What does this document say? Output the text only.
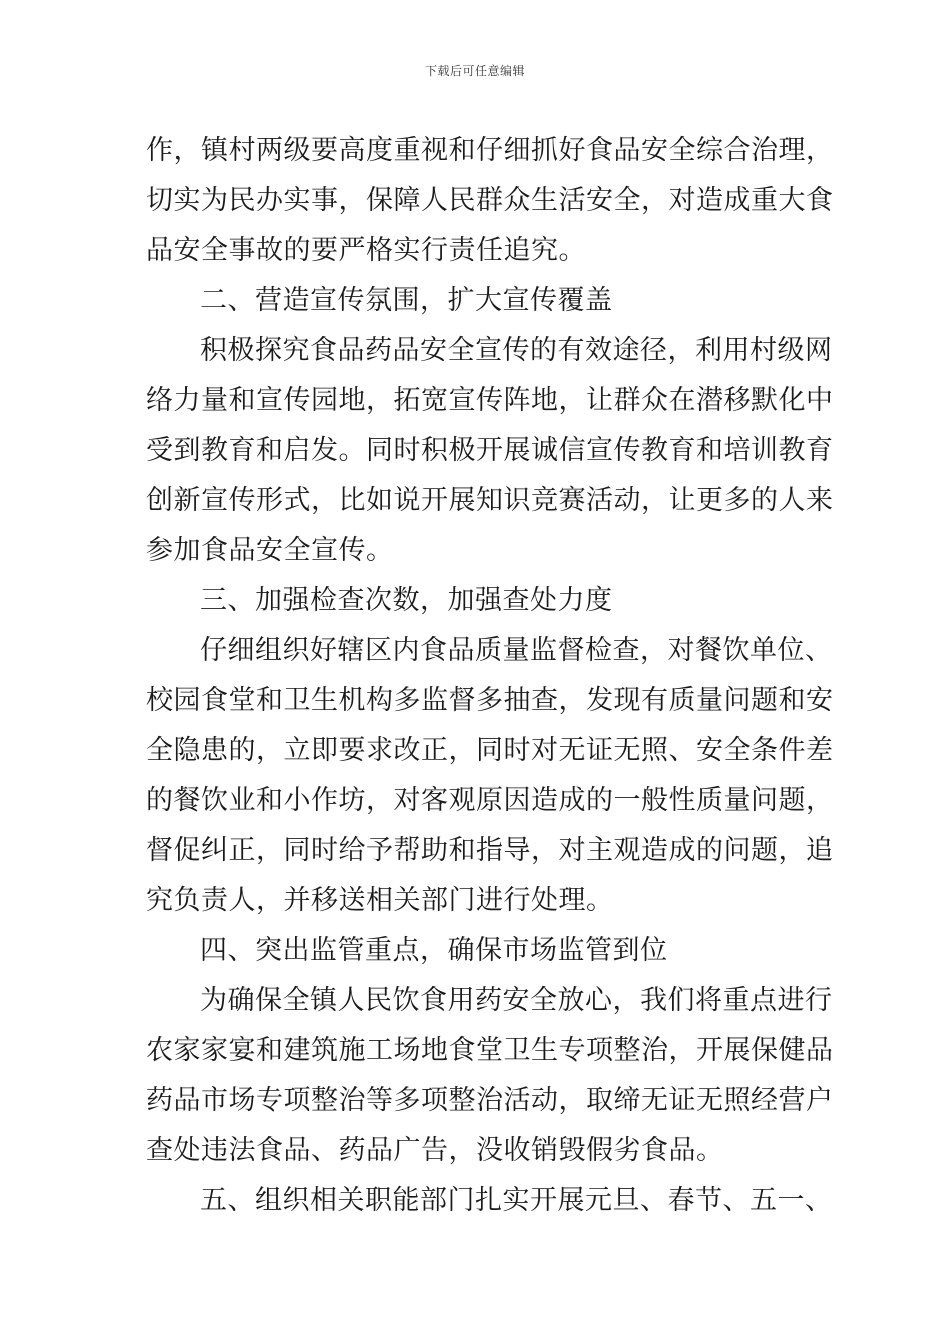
下载后可任意编辑
作，镇村两级要高度重视和仔细抓好食品安全综合治理，
切实为民办实事，保障人民群众生活安全，对造成重大食
品安全事故的要严格实行责任追究。
二、营造宣传氛围，扩大宣传覆盖
积极探究食品药品安全宣传的有效途径，利用村级网
络力量和宣传园地，拓宽宣传阵地，让群众在潜移默化中
受到教育和启发。同时积极开展诚信宣传教育和培训教育
创新宣传形式，比如说开展知识竞赛活动，让更多的人来
参加食品安全宣传。
三、加强检查次数，加强查处力度
仔细组织好辖区内食品质量监督检查，对餐饮单位、
校园食堂和卫生机构多监督多抽查，发现有质量问题和安
全隐患的，立即要求改正，同时对无证无照、安全条件差
的餐饮业和小作坊，对客观原因造成的一般性质量问题，
督促纠正，同时给予帮助和指导，对主观造成的问题，追
究负责人，并移送相关部门进行处理。
四、突出监管重点，确保市场监管到位
为确保全镇人民饮食用药安全放心，我们将重点进行
农家家宴和建筑施工场地食堂卫生专项整治，开展保健品
药品市场专项整治等多项整治活动，取缔无证无照经营户
查处违法食品、药品广告，没收销毁假劣食品。
五、组织相关职能部门扎实开展元旦、春节、五一、
